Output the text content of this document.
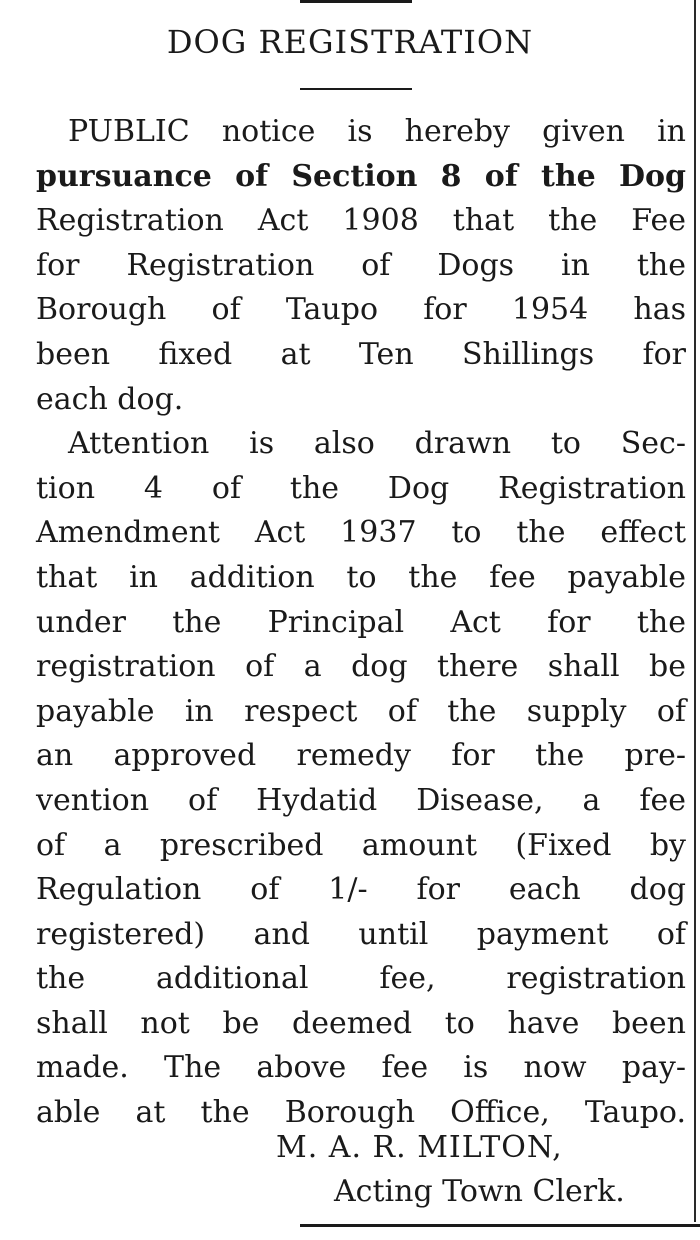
DOG REGISTRATION
PUBLIC notice is hereby given in
pursuance of Section 8 of the Dog
Registration Act 1908 that the Fee
for Registration of Dogs in the
Borough of Taupo for 1954 has
been fixed at Ten Shillings for
each dog.
Attention is also drawn to Sec-
tion 4 of the Dog Registration
Amendment Act 1937 to the effect
that in addition to the fee payable
under the Principal Act for the
registration of a dog there shall be
payable in respect of the supply of
an approved remedy for the pre-
vention of Hydatid Disease, a fee
of a prescribed amount (Fixed by
Regulation of 1/- for each dog
registered) and until payment of
the additional fee, registration
shall not be deemed to have been
made. The above fee is now pay-
able at the Borough Office, Taupo.
M. A. R. MILTON,
Acting Town Clerk.
